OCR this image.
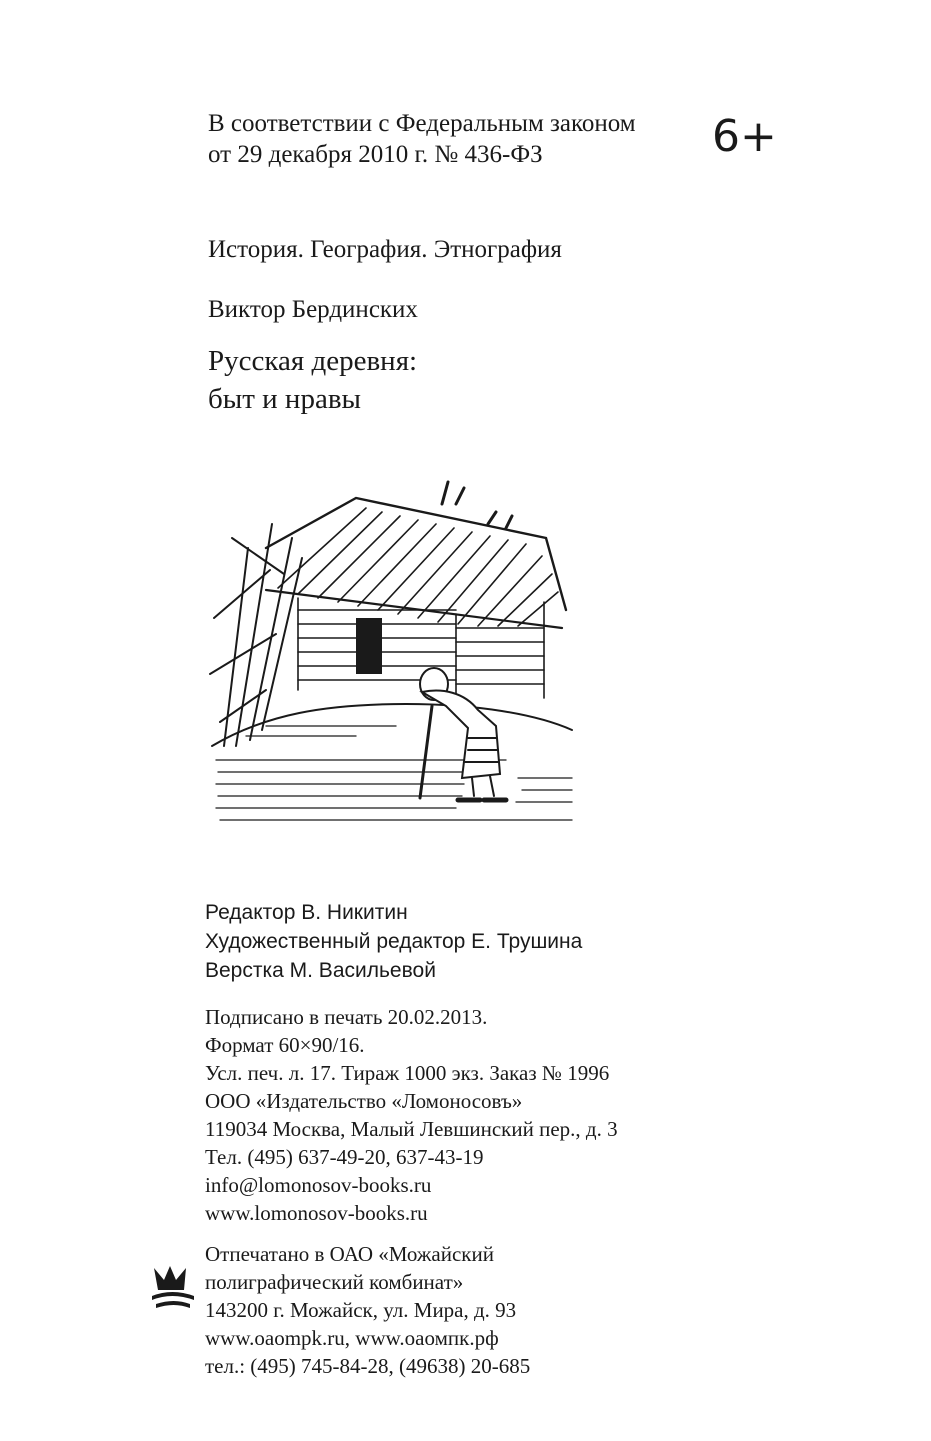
В соответствии с Федеральным законом
от 29 декабря 2010 г. № 436-ФЗ	6+
История. География. Этнография
Виктор Бердинских
Русская деревня:
быт и нравы
Редактор В. Никитин
Художественный редактор Е. Трушина
Верстка М. Васильевой
Подписано в печать 20.02.2013.
Формат 60×90/16.
Усл. печ. л. 17. Тираж 1000 экз. Заказ № 1996
ООО «Издательство «Ломоносовъ»
119034 Москва, Малый Левшинский пер., д. 3
Тел. (495) 637-49-20, 637-43-19
info@lomonosov-books.ru
www.lomonosov-books.ru
Отпечатано в ОАО «Можайский
полиграфический комбинат»
143200 г. Можайск, ул. Мира, д. 93
www.oaompk.ru, www.оаомпк.рф
тел.: (495) 745-84-28, (49638) 20-685
